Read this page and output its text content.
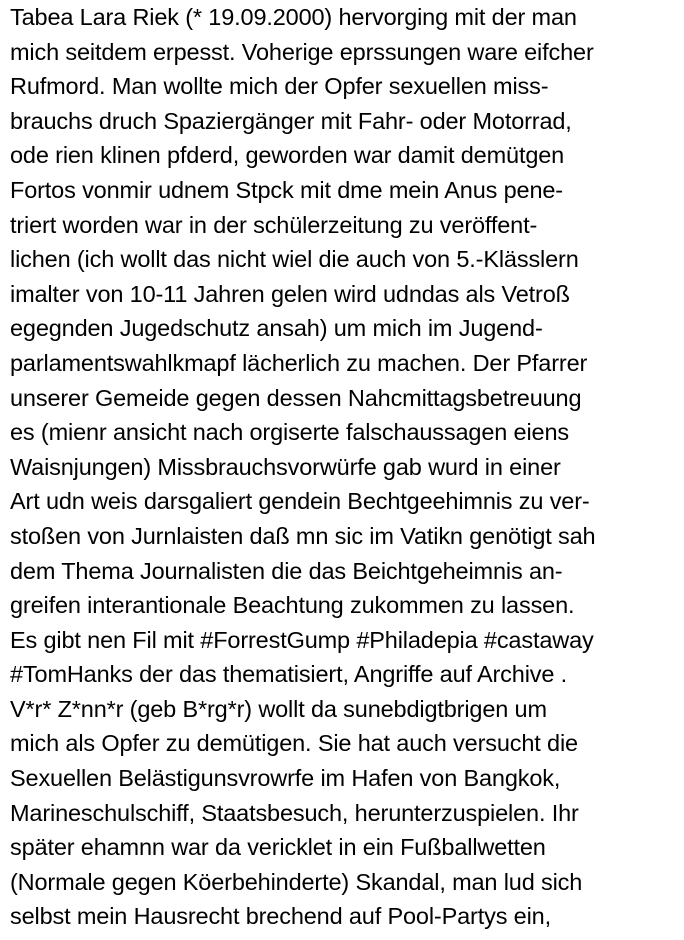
Tabea Lara Riek (* 19.09.2000) hervorging mit der man
mich seitdem erpesst. Voherige eprssungen ware eifcher
Rufmord. Man wollte mich der Opfer sexuellen miss-
brauchs druch Spaziergänger mit Fahr- oder Motorrad,
ode rien klinen pfderd, geworden war damit demütgen
Fortos vonmir udnem Stpck mit dme mein Anus pene-
triert worden war in der schülerzeitung zu veröffent-
lichen (ich wollt das nicht wiel die auch von 5.-Klässlern
imalter von 10-11 Jahren gelen wird udndas als Vetroß
egegnden Jugedschutz ansah) um mich im Jugend-
parlamentswahlkmapf lächerlich zu machen. Der Pfarrer
unserer Gemeide gegen dessen Nahcmittagsbetreuung
es (mienr ansicht nach orgiserte falschaussagen eiens
Waisnjungen) Missbrauchsvorwürfe gab wurd in einer
Art udn weis darsgaliert gendein Bechtgeehimnis zu ver-
stoßen von Jurnlaisten daß mn sic im Vatikn genötigt sah
dem Thema Journalisten die das Beichtgeheimnis an-
greifen interantionale Beachtung zukommen zu lassen.
Es gibt nen Fil mit #ForrestGump #Philadepia #castaway
#TomHanks der das thematisiert, Angriffe auf Archive .
V*r* Z*nn*r (geb B*rg*r) wollt da sunebdigtbrigen um
mich als Opfer zu demütigen. Sie hat auch versucht die
Sexuellen Belästigunsvrowrfe im Hafen von Bangkok,
Marineschulschiff, Staatsbesuch, herunterzuspielen. Ihr
später ehamnn war da vericklet in ein Fußballwetten
(Normale gegen Köerbehinderte) Skandal, man lud sich
selbst mein Hausrecht brechend auf Pool-Partys ein,
